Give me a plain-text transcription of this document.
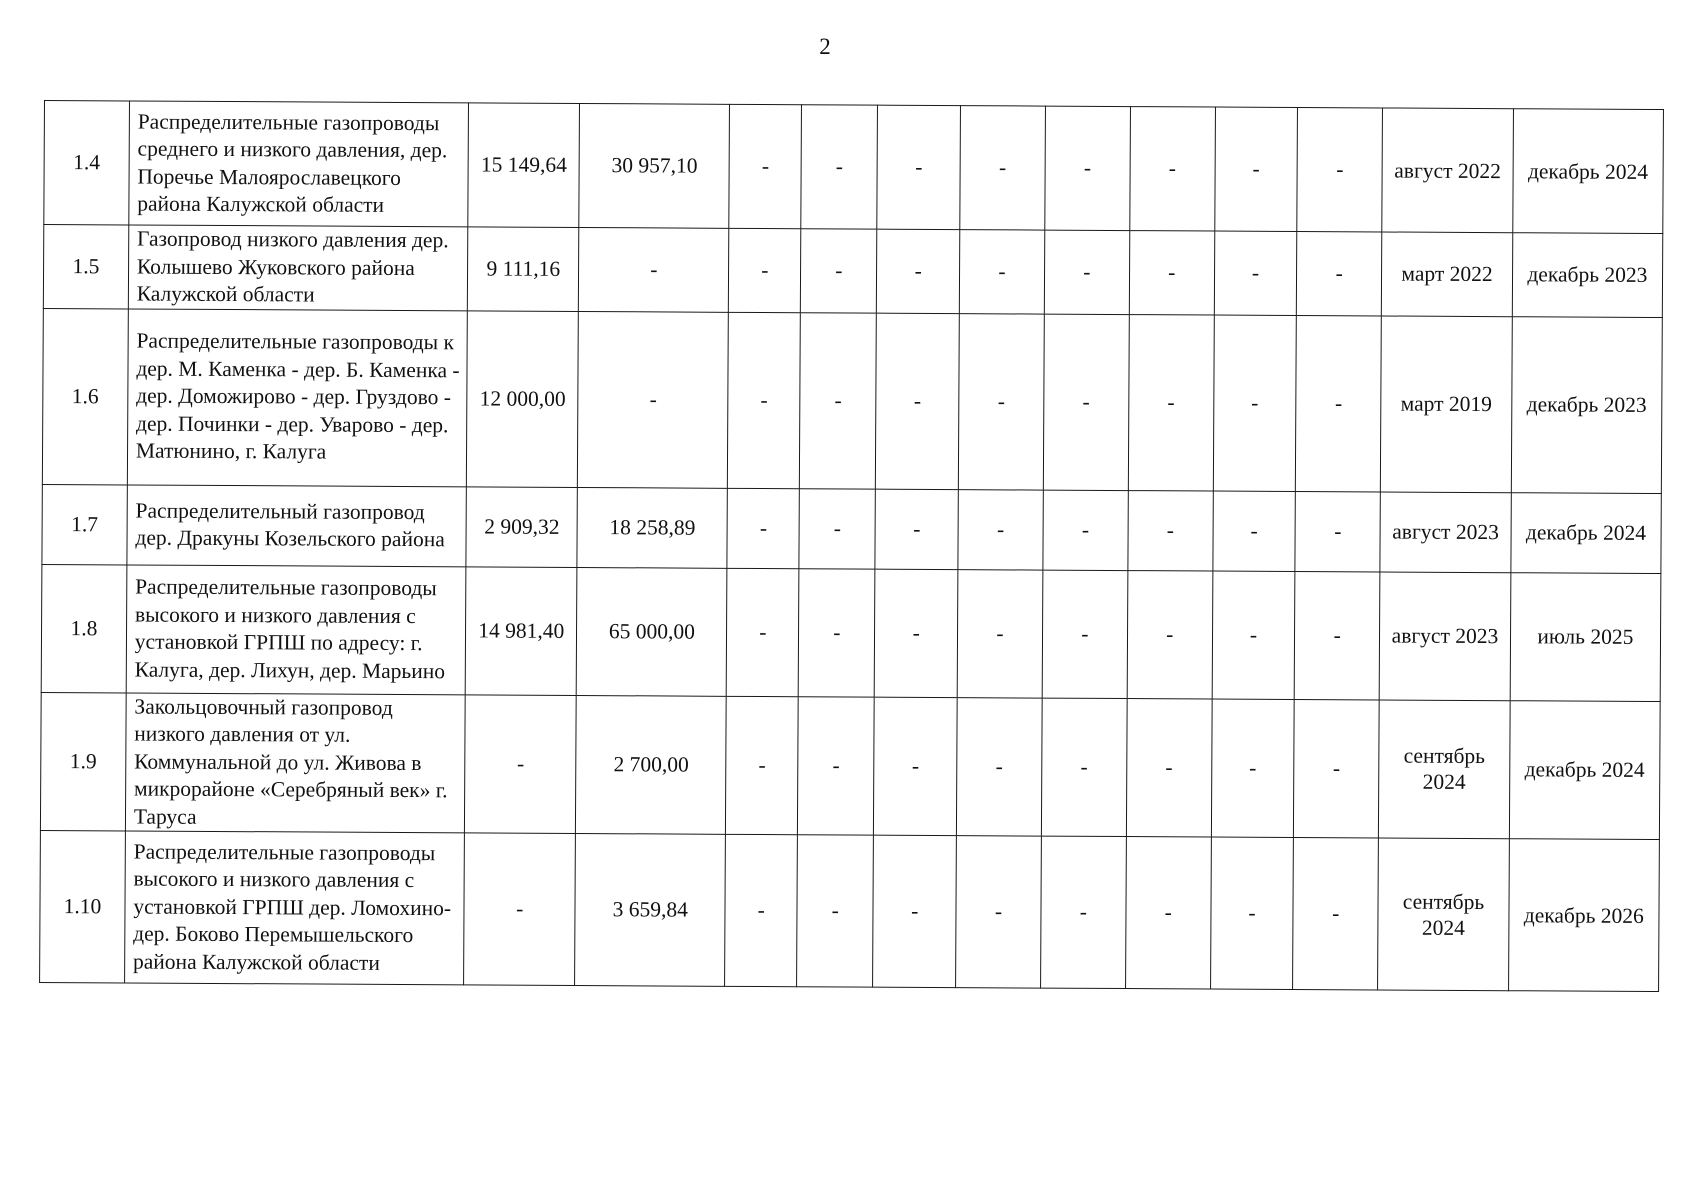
2
1.4	Распределительные газопроводы среднего и низкого давления, дер. Поречье Малоярославецкого района Калужской области	15 149,64	30 957,10	-	-	-	-	-	-	-	-	август 2022	декабрь 2024
1.5	Газопровод низкого давления дер. Колышево Жуковского района Калужской области	9 111,16	-	-	-	-	-	-	-	-	-	март 2022	декабрь 2023
1.6	Распределительные газопроводы к дер. М. Каменка - дер. Б. Каменка - дер. Доможирово - дер. Груздово - дер. Починки - дер. Уварово - дер. Матюнино, г. Калуга	12 000,00	-	-	-	-	-	-	-	-	-	март 2019	декабрь 2023
1.7	Распределительный газопровод дер. Дракуны Козельского района	2 909,32	18 258,89	-	-	-	-	-	-	-	-	август 2023	декабрь 2024
1.8	Распределительные газопроводы высокого и низкого давления с установкой ГРПШ по адресу: г. Калуга, дер. Лихун, дер. Марьино	14 981,40	65 000,00	-	-	-	-	-	-	-	-	август 2023	июль 2025
1.9	Закольцовочный газопровод низкого давления от ул. Коммунальной до ул. Живова в микрорайоне «Серебряный век» г. Таруса	-	2 700,00	-	-	-	-	-	-	-	-	сентябрь 2024	декабрь 2024
1.10	Распределительные газопроводы высокого и низкого давления с установкой ГРПШ дер. Ломохино- дер. Боково Перемышельского района Калужской области	-	3 659,84	-	-	-	-	-	-	-	-	сентябрь 2024	декабрь 2026
